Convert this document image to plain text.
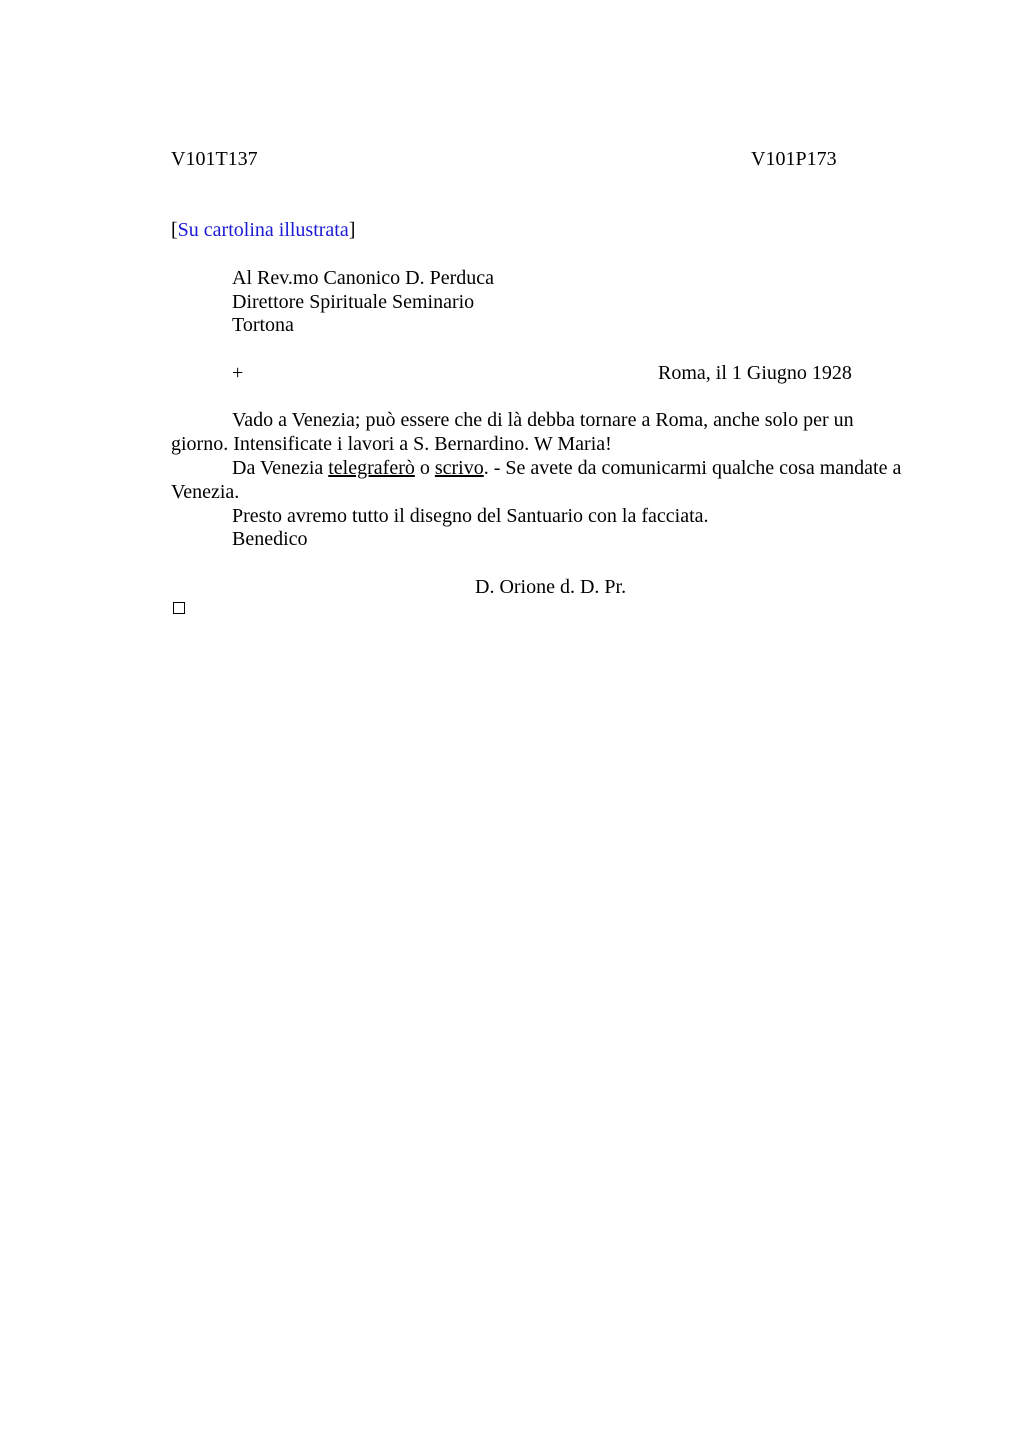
V101T137	V101P173
[Su cartolina illustrata]
Al Rev.mo Canonico D. Perduca
Direttore Spirituale Seminario
Tortona
+	Roma, il 1 Giugno 1928
Vado a Venezia; può essere che di là debba tornare a Roma, anche solo per un
giorno. Intensificate i lavori a S. Bernardino. W Maria!
Da Venezia telegraferò o scrivo. - Se avete da comunicarmi qualche cosa mandate a
Venezia.
Presto avremo tutto il disegno del Santuario con la facciata.
Benedico
D. Orione d. D. Pr.
